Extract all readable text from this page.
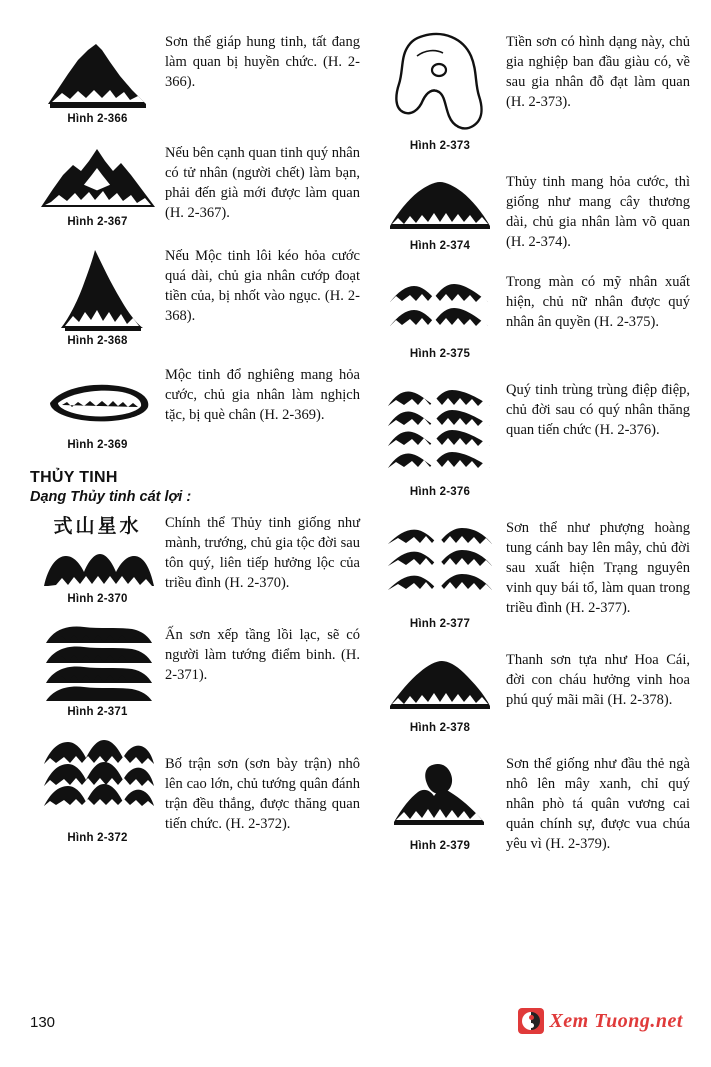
Hình 2-366
Sơn thể giáp hung tinh, tất đang làm quan bị huyền chức. (H. 2-366).
Hình 2-367
Nếu bên cạnh quan tinh quý nhân có tử nhân (người chết) làm bạn, phải đến già mới được làm quan (H. 2-367).
Hình 2-368
Nếu Mộc tinh lôi kéo hỏa cước quá dài, chủ gia nhân cướp đoạt tiền của, bị nhốt vào ngục. (H. 2-368).
Hình 2-369
Mộc tinh đổ nghiêng mang hỏa cước, chủ gia nhân làm nghịch tặc, bị què chân (H. 2-369).
THỦY TINH
Dạng Thủy tinh cát lợi :
式山星水
Hình 2-370
Chính thể Thủy tinh giống như mành, trướng, chủ gia tộc đời sau tôn quý, liên tiếp hưởng lộc của triều đình (H. 2-370).
Hình 2-371
Ấn sơn xếp tầng lồi lạc, sẽ có người làm tướng điểm binh. (H. 2-371).
Hình 2-372
Bố trận sơn (sơn bày trận) nhô lên cao lớn, chủ tướng quân đánh trận đều thắng, được thăng quan tiến chức. (H. 2-372).
Hình 2-373
Tiền sơn có hình dạng này, chủ gia nghiệp ban đầu giàu có, về sau gia nhân đỗ đạt làm quan (H. 2-373).
Hình 2-374
Thủy tinh mang hỏa cước, thì giống như mang cây thương dài, chủ gia nhân làm võ quan (H. 2-374).
Hình 2-375
Trong màn có mỹ nhân xuất hiện, chủ nữ nhân được quý nhân ân quyền (H. 2-375).
Hình 2-376
Quý tinh trùng trùng điệp điệp, chủ đời sau có quý nhân thăng quan tiến chức (H. 2-376).
Hình 2-377
Sơn thể như phượng hoàng tung cánh bay lên mây, chủ đời sau xuất hiện Trạng nguyên vinh quy bái tổ, làm quan trong triều đình (H. 2-377).
Hình 2-378
Thanh sơn tựa như Hoa Cái, đời con cháu hưởng vinh hoa phú quý mãi mãi (H. 2-378).
Hình 2-379
Sơn thể giống như đầu thẻ ngà nhô lên mây xanh, chỉ quý nhân phò tá quân vương cai quản chính sự, được vua chúa yêu vì (H. 2-379).
130	Xem Tuong.net
